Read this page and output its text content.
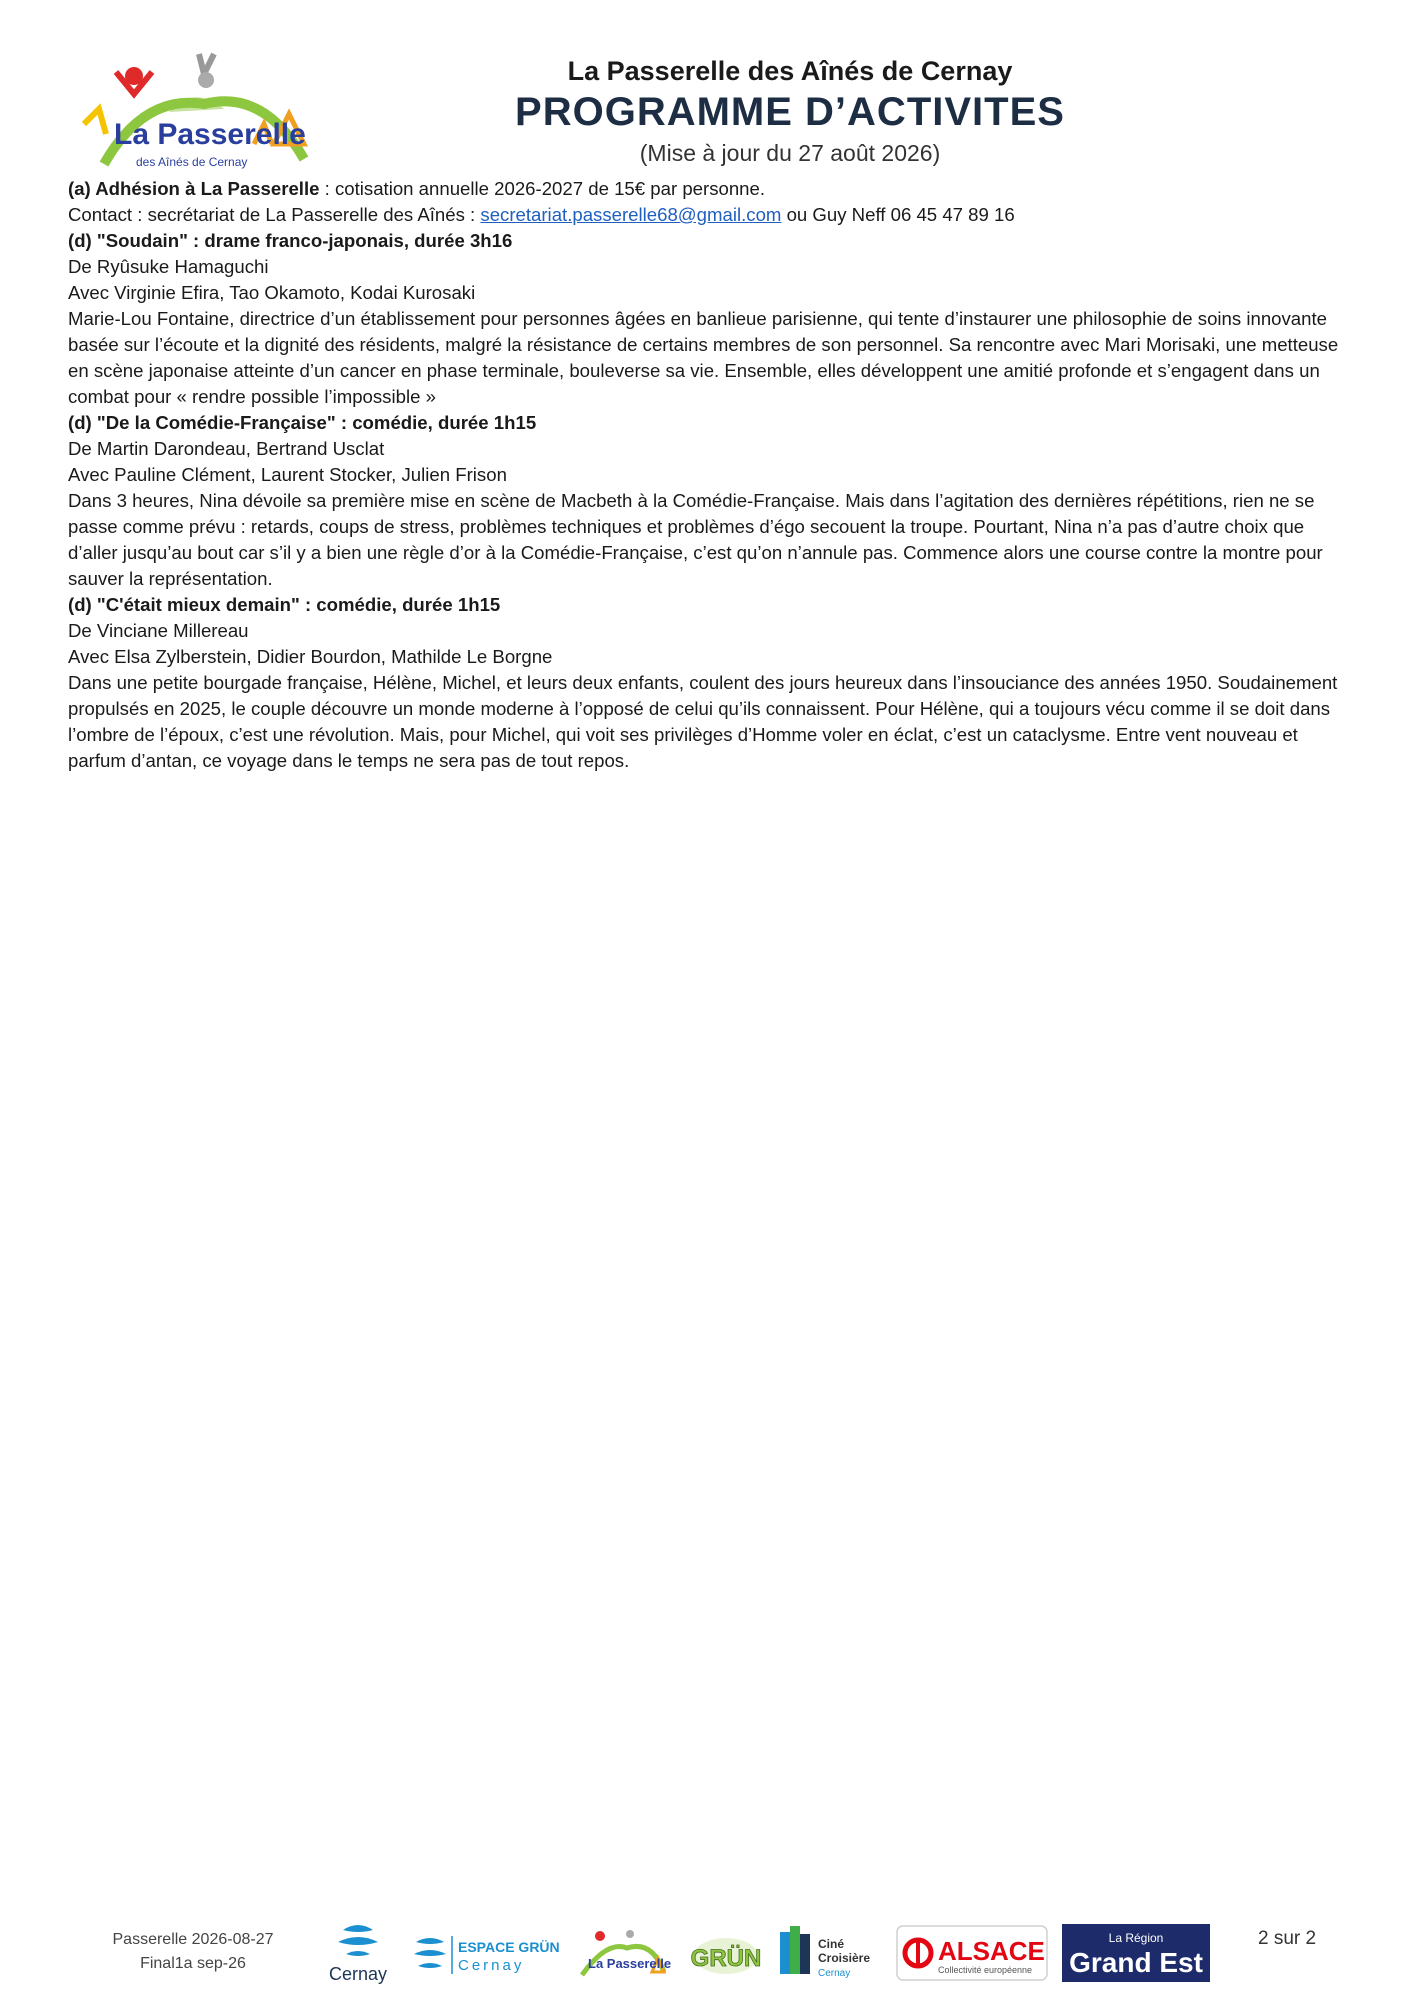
La Passerelle
des Aînés de Cernay
La Passerelle des Aînés de Cernay
PROGRAMME D’ACTIVITES
(Mise à jour du 27 août 2026)

(a) Adhésion à La Passerelle : cotisation annuelle 2026-2027 de 15€ par personne.

Contact : secrétariat de La Passerelle des Aînés : secretariat.passerelle68@gmail.com ou Guy Neff 06 45 47 89 16

(d) "Soudain" : drame franco-japonais, durée 3h16

De Ryûsuke Hamaguchi

Avec Virginie Efira, Tao Okamoto, Kodai Kurosaki

Marie-Lou Fontaine, directrice d’un établissement pour personnes âgées en banlieue parisienne, qui tente d’instaurer une philosophie de soins innovante basée sur l’écoute et la dignité des résidents, malgré la résistance de certains membres de son personnel. Sa rencontre avec Mari Morisaki, une metteuse en scène japonaise atteinte d’un cancer en phase terminale, bouleverse sa vie. Ensemble, elles développent une amitié profonde et s’engagent dans un combat pour « rendre possible l’impossible »

(d) "De la Comédie-Française" : comédie, durée 1h15

De Martin Darondeau, Bertrand Usclat

Avec Pauline Clément, Laurent Stocker, Julien Frison

Dans 3 heures, Nina dévoile sa première mise en scène de Macbeth à la Comédie-Française. Mais dans l’agitation des dernières répétitions, rien ne se passe comme prévu : retards, coups de stress, problèmes techniques et problèmes d’égo secouent la troupe. Pourtant, Nina n’a pas d’autre choix que d’aller jusqu’au bout car s’il y a bien une règle d’or à la Comédie-Française, c’est qu’on n’annule pas. Commence alors une course contre la montre pour sauver la représentation.

(d) "C'était mieux demain" : comédie, durée 1h15

De Vinciane Millereau

Avec Elsa Zylberstein, Didier Bourdon, Mathilde Le Borgne

Dans une petite bourgade française, Hélène, Michel, et leurs deux enfants, coulent des jours heureux dans l’insouciance des années 1950. Soudainement propulsés en 2025, le couple découvre un monde moderne à l’opposé de celui qu’ils connaissent. Pour Hélène, qui a toujours vécu comme il se doit dans l’ombre de l’époux, c’est une révolution. Mais, pour Michel, qui voit ses privilèges d’Homme voler en éclat, c’est un cataclysme. Entre vent nouveau et parfum d’antan, ce voyage dans le temps ne sera pas de tout repos.

Passerelle 2026-08-27
Final1a sep-26
Cernay
ESPACE GRÜN
Cernay	La Passerelle GRÜN
Ciné
Croisière
Cernay
ALSACE
Collectivité européenne
La Région
Grand Est
2 sur 2
